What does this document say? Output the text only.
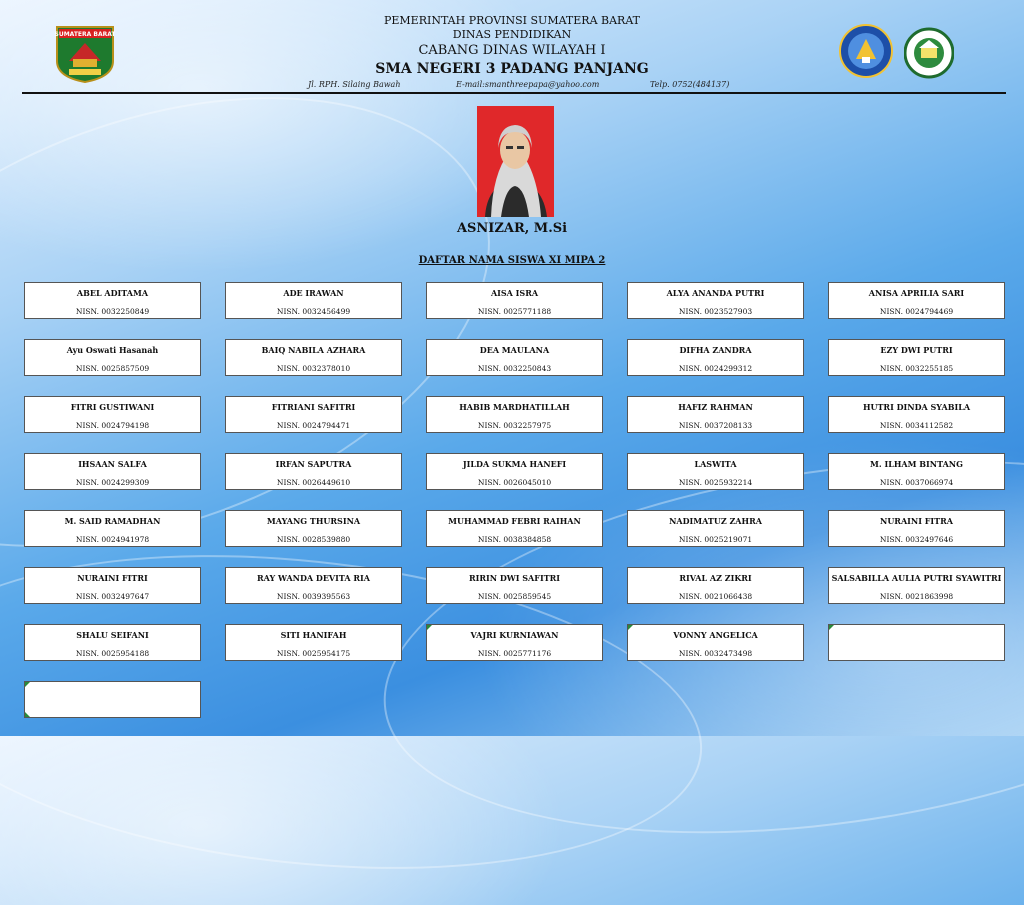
SUMATERA BARAT
PEMERINTAH PROVINSI SUMATERA BARAT
DINAS PENDIDIKAN
CABANG DINAS WILAYAH I
SMA NEGERI 3 PADANG PANJANG
Jl. RPH. Silaing Bawah	E-mail:smanthreepapa@yahoo.com	Telp. 0752(484137)
ASNIZAR, M.Si
DAFTAR NAMA SISWA XI MIPA 2
ABEL ADITAMA
NISN. 0032250849
ADE IRAWAN
NISN. 0032456499
AISA ISRA
NISN. 0025771188
ALYA ANANDA PUTRI
NISN. 0023527903
ANISA APRILIA SARI
NISN. 0024794469
Ayu Oswati Hasanah
NISN. 0025857509
BAIQ NABILA AZHARA
NISN. 0032378010
DEA MAULANA
NISN. 0032250843
DIFHA ZANDRA
NISN. 0024299312
EZY DWI PUTRI
NISN. 0032255185
FITRI GUSTIWANI
NISN. 0024794198
FITRIANI SAFITRI
NISN. 0024794471
HABIB MARDHATILLAH
NISN. 0032257975
HAFIZ RAHMAN
NISN. 0037208133
HUTRI DINDA SYABILA
NISN. 0034112582
IHSAAN SALFA
NISN. 0024299309
IRFAN SAPUTRA
NISN. 0026449610
JILDA SUKMA HANEFI
NISN. 0026045010
LASWITA
NISN. 0025932214
M. ILHAM BINTANG
NISN. 0037066974
M. SAID RAMADHAN
NISN. 0024941978
MAYANG THURSINA
NISN. 0028539880
MUHAMMAD FEBRI RAIHAN
NISN. 0038384858
NADIMATUZ ZAHRA
NISN. 0025219071
NURAINI FITRA
NISN. 0032497646
NURAINI FITRI
NISN. 0032497647
RAY WANDA DEVITA RIA
NISN. 0039395563
RIRIN DWI SAFITRI
NISN. 0025859545
RIVAL AZ ZIKRI
NISN. 0021066438
SALSABILLA AULIA PUTRI SYAWITRI
NISN. 0021863998
SHALU SEIFANI
NISN. 0025954188
SITI HANIFAH
NISN. 0025954175
VAJRI KURNIAWAN
NISN. 0025771176
VONNY ANGELICA
NISN. 0032473498
